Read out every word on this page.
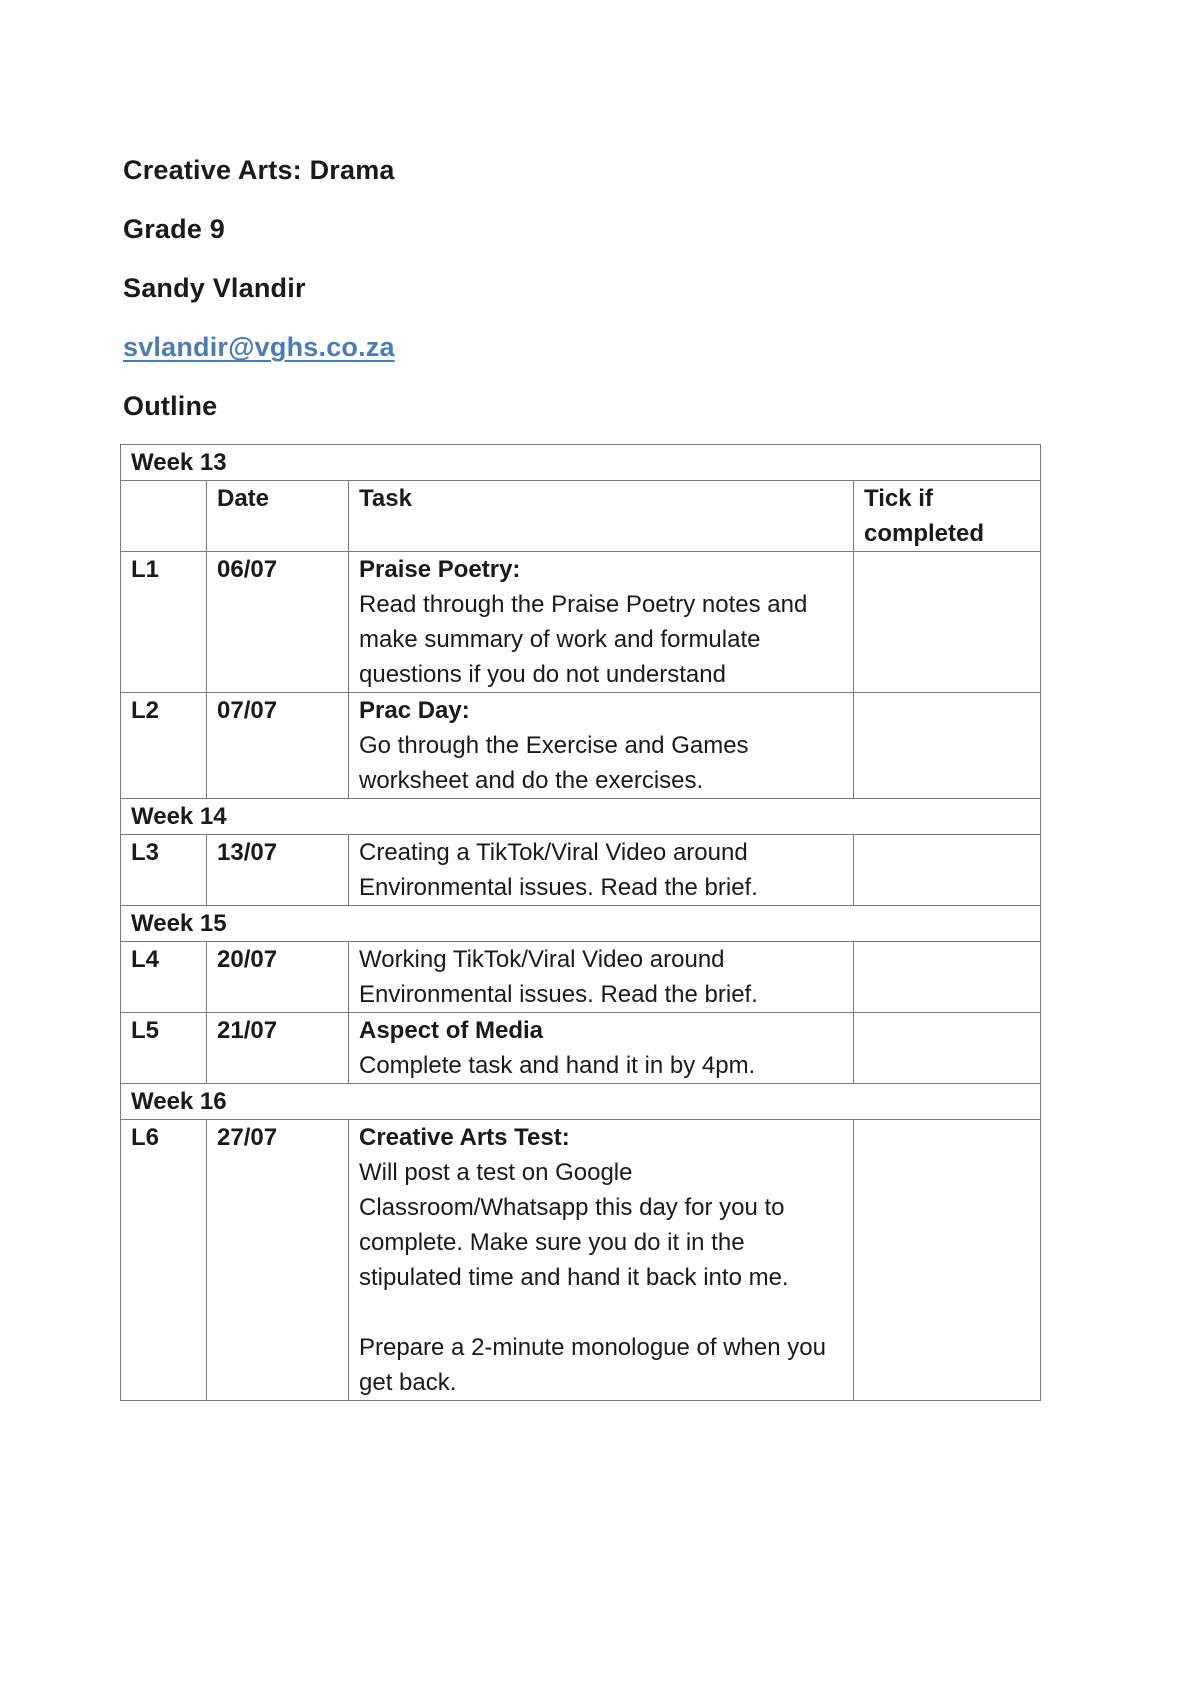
Creative Arts: Drama
Grade 9
Sandy Vlandir
svlandir@vghs.co.za
Outline
Week 13			
	Date	Task	Tick if completed
L1	06/07	Praise Poetry:
Read through the Praise Poetry notes and make summary of work and formulate questions if you do not understand	

L2	07/07	Prac Day:
Go through the Exercise and Games worksheet and do the exercises.	

Week 14			
L3	13/07	Creating a TikTok/Viral Video around Environmental issues. Read the brief.	

Week 15			
L4	20/07	Working TikTok/Viral Video around Environmental issues. Read the brief.	

L5	21/07	Aspect of Media
Complete task and hand it in by 4pm.	

Week 16			
L6	27/07	Creative Arts Test:
Will post a test on Google Classroom/Whatsapp this day for you to complete. Make sure you do it in the stipulated time and hand it back into me.
Prepare a 2-minute monologue of when you get back.	
